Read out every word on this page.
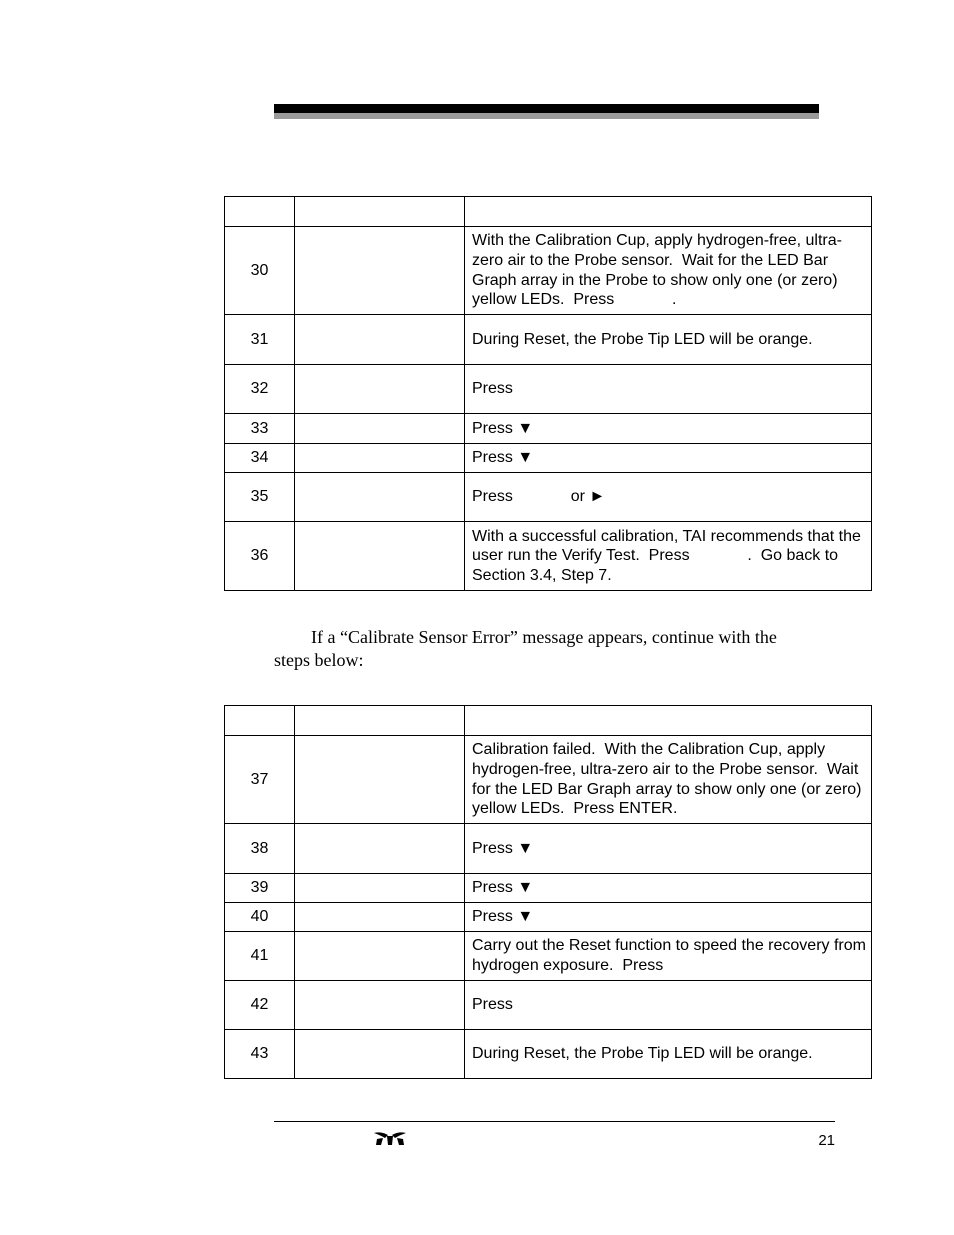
30		With the Calibration Cup, apply hydrogen-free, ultra-zero air to the Probe sensor.  Wait for the LED Bar Graph array in the Probe to show only one (or zero) yellow LEDs.  Press             .
31		During Reset, the Probe Tip LED will be orange.
32		Press
33		Press ▼
34		Press ▼
35		Press             or ►
36		With a successful calibration, TAI recommends that the user run the Verify Test.  Press             .  Go back to Section 3.4, Step 7.
If a “Calibrate Sensor Error” message appears, continue with the steps below:

37		Calibration failed.  With the Calibration Cup, apply hydrogen-free, ultra-zero air to the Probe sensor.  Wait for the LED Bar Graph array to show only one (or zero) yellow LEDs.  Press ENTER.
38		Press ▼
39		Press ▼
40		Press ▼
41		Carry out the Reset function to speed the recovery from hydrogen exposure.  Press
42		Press
43		During Reset, the Probe Tip LED will be orange.
21
